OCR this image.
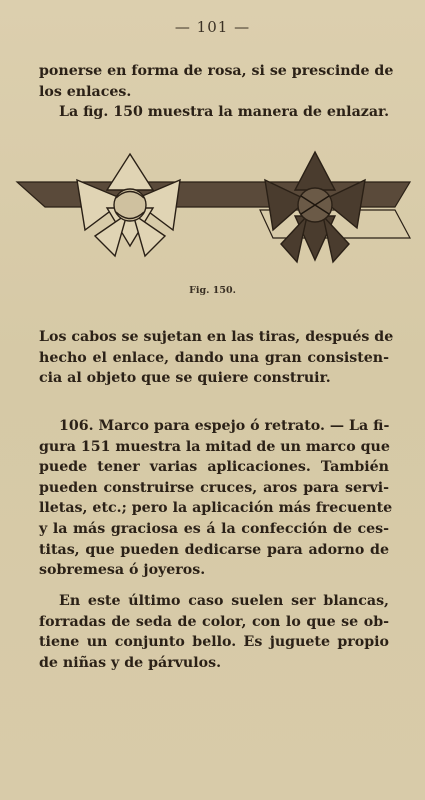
— 101 —

ponerse en forma de rosa, si se prescinde de
los enlaces.

La fig. 150 muestra la manera de enlazar.

Fig. 150.

Los cabos se sujetan en las tiras, después de
hecho el enlace, dando una gran consisten-
cia al objeto que se quiere construir.

106. Marco para espejo ó retrato. — La fi-
gura 151 muestra la mitad de un marco que
puede tener varias aplicaciones. También
pueden construirse cruces, aros para servi-
lletas, etc.; pero la aplicación más frecuente
y la más graciosa es á la confección de ces-
titas, que pueden dedicarse para adorno de
sobremesa ó joyeros.

En este último caso suelen ser blancas,
forradas de seda de color, con lo que se ob-
tiene un conjunto bello. Es juguete propio
de niñas y de párvulos.
